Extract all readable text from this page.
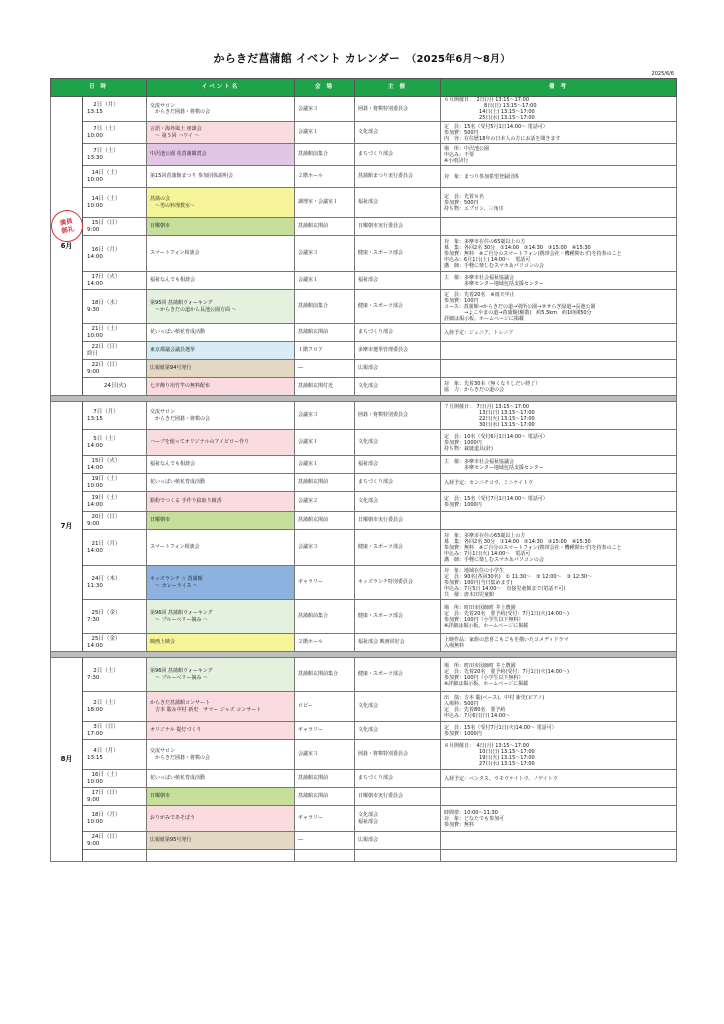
からきだ菖蒲館 イベント カレンダー　 （2025年6月～8月）
2025/6/6
日 時		イベント名	会 場	主 催	備 考
6月	2日（月）13:15	交流サロン
　からきだ囲碁・将棋の会	会議室３	囲碁・将棋特別委員会	６月開催日：　2日(月) 13:15～17:00
　　　　　　　　8日(日) 13:15～17:00
　　　　　　　14日(土) 13:15～17:00
　　　　　　　25日(水) 13:15～17:00
	7日（土）10:00	言語・海外風土 座談会
　～ 第５回 ハワイ ～	会議室１	文化部会	定　員：15名（受付5月1日14:00～ 電話可）
参加費：500円
内　容：在住歴18年の日本人の方にお話を聞きます
	7日（土）13:30	中沢池公園 花菖蒲観賞会	菖蒲館前集合	まちづくり部会	場　所：中沢池公園
申込み：不要
※小雨決行
	14日（土）10:00	第15回菖蒲館まつり 参加団体説明会	２階ホール	菖蒲館まつり実行委員会	対　象：まつり参加希望登録団体
	14日（土）10:00	菖蒲の会
　～男の料理教室～	調理室・会議室１	福祉部会	定　員：先着８名
参加費：500円
持ち物：エプロン、三角巾
	15日（日）9:00	日曜朝市	菖蒲館玄関前	日曜朝市実行委員会	
	16日（月）14:00	スマートフォン相談会	会議室３	健康・スポーツ部会	対　象：多摩市在住の65歳以上の方
募　集：各回2名 30分　①14:00　②14:30　③15:00　④15:30
参加費：無料　※ご自分のスマートフォン(携帯会社・機種問わず)を持参のこと
申込み：6月1日(土) 14:00～　電話可
講　師：手軽に楽しむスマホ＆パソコンの会
	17日（火）14:00	福祉なんでも相談会	会議室１	福祉部会	主　催：多摩市社会福祉協議会
　　　　多摩センター地域包括支援センター
	18日（水）9:30	第95回 菖蒲館ウォーキング
　～からきだの道から長池公園方面 ～	菖蒲館前集合	健康・スポーツ部会	定　員：先着20名　※雨天中止
参加費：100円
コース：菖蒲館→からきだの道→別所公園→せせらぎ緑道→長池公園
　　　　→よこやまの道→菖蒲館(解散)　約5.5km　約1時間50分
詳細は掲示板、ホームページに掲載
	21日（土）10:00	花いっぱい植花育成活動	菖蒲館玄関前	まちづくり部会	入荷予定：ジュニア、トレニア
	22日（日）終日	東京都議会議員選挙	１階フロア	多摩市選挙管理委員会	
	22日（日）9:00	広報紙第94号発行	―	広報部会	
	24日(火)	七夕飾り用竹竿の無料配布	菖蒲館玄関付近	文化部会	対　象：先着30本（無くなりしだい終了）
協　力：からきだの道の会

7月	7日（月）13:15	交流サロン
　からきだ囲碁・将棋の会	会議室３	囲碁・将棋特別委員会	７月開催日：　7日(月) 13:15～17:00
　　　　　　　13日(日) 13:15～17:00
　　　　　　　22日(火) 13:15～17:00
　　　　　　　30日(水) 13:15～17:00
	5日（土）14:00	ハーブを使ってオリジナルのアイピロー作り	会議室１	文化部会	定　員：10名（受付6月1日14:00～ 電話可）
参加費：1000円
持ち物：裁縫道具(針)
	15日（火）14:00	福祉なんでも相談会	会議室１	福祉部会	主　催：多摩市社会福祉協議会
　　　　多摩センター地域包括支援センター
	19日（土）10:00	花いっぱい植花育成活動	菖蒲館玄関前	まちづくり部会	入荷予定：センニチコウ、ミニケイトウ
	19日（土）14:00	鉛粉でつくる 手作り紋取り鏡香	会議室２	文化部会	定　員：15名（受付7月1日14:00～ 電話可）
参加費：1000円
	20日（日）9:00	日曜朝市	菖蒲館玄関前	日曜朝市実行委員会	
	21日（月）14:00	スマートフォン相談会	会議室３	健康・スポーツ部会	対　象：多摩市在住の65歳以上の方
募　集：各回2名 30分　①14:00　②14:30　③15:00　④15:30
参加費：無料　※ご自分のスマートフォン(携帯会社・機種問わず)を持参のこと
申込み：7月1日(火) 14:00～　電話可
講　師：手軽に楽しむスマホ＆パソコンの会
	24日（木）11:30	キッズランチ ☆ 菖蒲館
　～ カレーライス ～	ギャラリー	キッズランチ特別委員会	対　象：地域在住の小学生
定　員：90名(各回30名)　① 11:30～　② 12:00～　③ 12:30～
参加費：100円(当日集めます)
申込み：7月5日 14:00～　直接児童館まで(電話不可)
共　催：唐木田児童館
	25日（金）7:30	第96回 菖蒲館ウォーキング
　～ ブルーベリー摘み ～	菖蒲館前集合	健康・スポーツ部会	場　所：町田市図師町 井上農園
定　員：先着20名　要予約(受付：7月1日(火)14:00～)
参加費：100円（小学生以下無料）
※詳細は掲示板、ホームページに掲載
	25日（金）14:00	映画上映会	２階ホール	福祉部会 映画同好会	上映作品：家族の悲喜こもごもを描いたコメディドラマ
入場無料

8月	2日（土）7:30	第96回 菖蒲館ウォーキング
　～ ブルーベリー摘み ～	菖蒲館玄関前集合	健康・スポーツ部会	場　所：町田市図師町 井上農園
定　員：先着20名　要予約(受付：7月1日(火)14:00～)
参加費：100円（小学生以下無料）
※詳細は掲示板、ホームページに掲載
	2日（土）18:00	からきだ菖蒲館コンサート
　吉本 聡＆中村 新史　サマー ジャズ コンサート	ロビー	文化部会	出　演：吉本 聡(ベース)、中村 新史(ピアノ)
入場料：500円
定　員：先着80名　要予約
申込み：7月6日(日) 14:00～
	3日（日）17:00	オリジナル 提灯づくり	ギャラリー	文化部会	定　員：15名（受付7月1日(火)14:00～ 電話可）
参加費：1000円
	4日（月）13:15	交流サロン
　からきだ囲碁・将棋の会	会議室３	囲碁・将棋特別委員会	８月開催日：　4日(月) 13:15～17:00
　　　　　　　10日(日) 13:15～17:00
　　　　　　　19日(火) 13:15～17:00
　　　　　　　27日(水) 13:15～17:00
	16日（土）10:00	花いっぱい植花育成活動	菖蒲館玄関前	まちづくり部会	入荷予定：ペンタス、ウモウケイトウ、ノゲイトウ
	17日（日）9:00	日曜朝市	菖蒲館玄関前	日曜朝市実行委員会	
	18日（月）10:00	おりがみであそぼう	ギャラリー	文化部会
福祉部会	時間帯：10:00～11:30
対　象：どなたでも参加可
参加費：無料
	24日（日）9:00	広報紙第95号発行	―	広報部会	

満員
御礼
